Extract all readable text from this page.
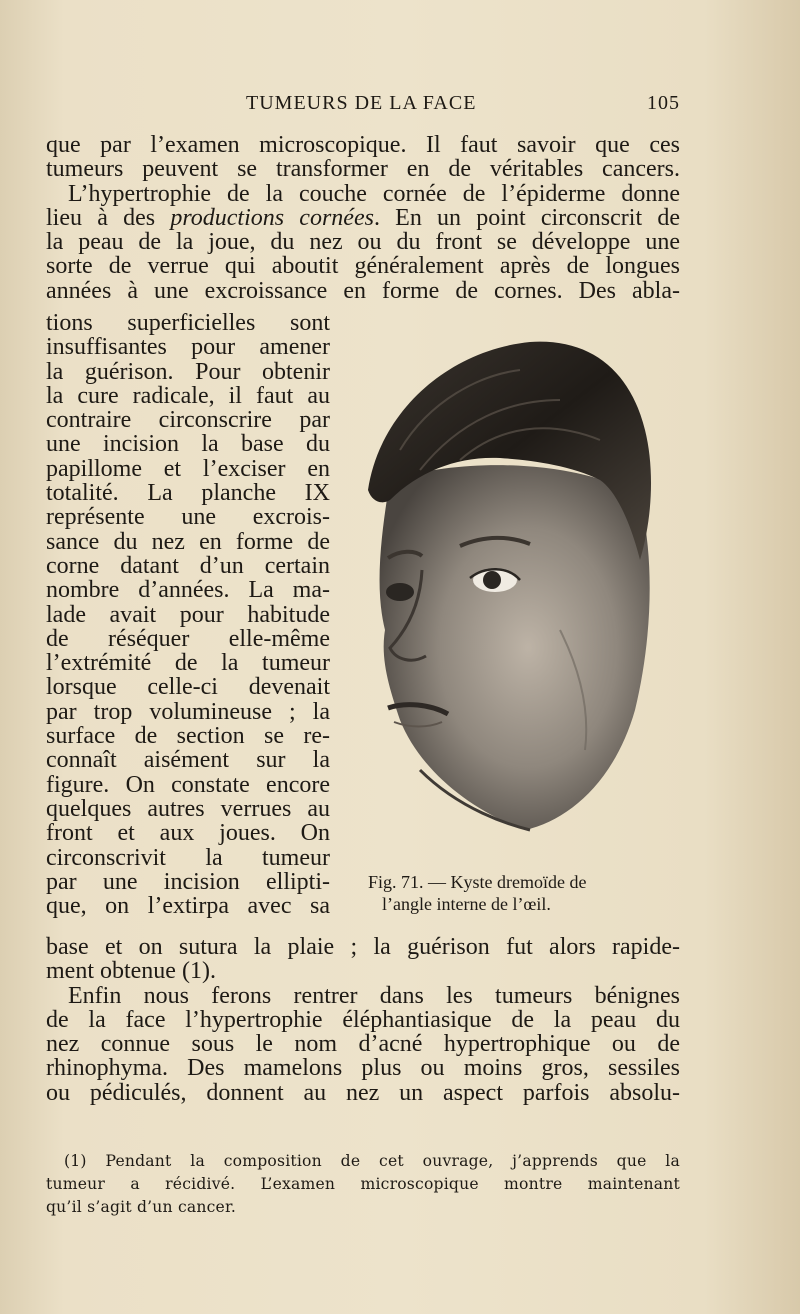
TUMEURS DE LA FACE	105
que par l’examen microscopique. Il faut savoir que ces
tumeurs peuvent se transformer en de véritables cancers.
L’hypertrophie de la couche cornée de l’épiderme donne
lieu à des productions cornées. En un point circonscrit de
la peau de la joue, du nez ou du front se développe une
sorte de verrue qui aboutit généralement après de longues
années à une excroissance en forme de cornes. Des abla-
tions superficielles sont
insuffisantes pour amener
la guérison. Pour obtenir
la cure radicale, il faut au
contraire circonscrire par
une incision la base du
papillome et l’exciser en
totalité. La planche IX
représente une excrois-
sance du nez en forme de
corne datant d’un certain
nombre d’années. La ma-
lade avait pour habitude
de réséquer elle-même
l’extrémité de la tumeur
lorsque celle-ci devenait
par trop volumineuse ; la
surface de section se re-
connaît aisément sur la
figure. On constate encore
quelques autres verrues au
front et aux joues. On
circonscrivit la tumeur
par une incision ellipti-
que, on l’extirpa avec sa
Fig. 71. — Kyste dremoïde de
l’angle interne de l’œil.
base et on sutura la plaie ; la guérison fut alors rapide-
ment obtenue (1).
Enfin nous ferons rentrer dans les tumeurs bénignes
de la face l’hypertrophie éléphantiasique de la peau du
nez connue sous le nom d’acné hypertrophique ou de
rhinophyma. Des mamelons plus ou moins gros, sessiles
ou pédiculés, donnent au nez un aspect parfois absolu-
(1) Pendant la composition de cet ouvrage, j’apprends que la
tumeur a récidivé. L’examen microscopique montre maintenant
qu’il s’agit d’un cancer.
